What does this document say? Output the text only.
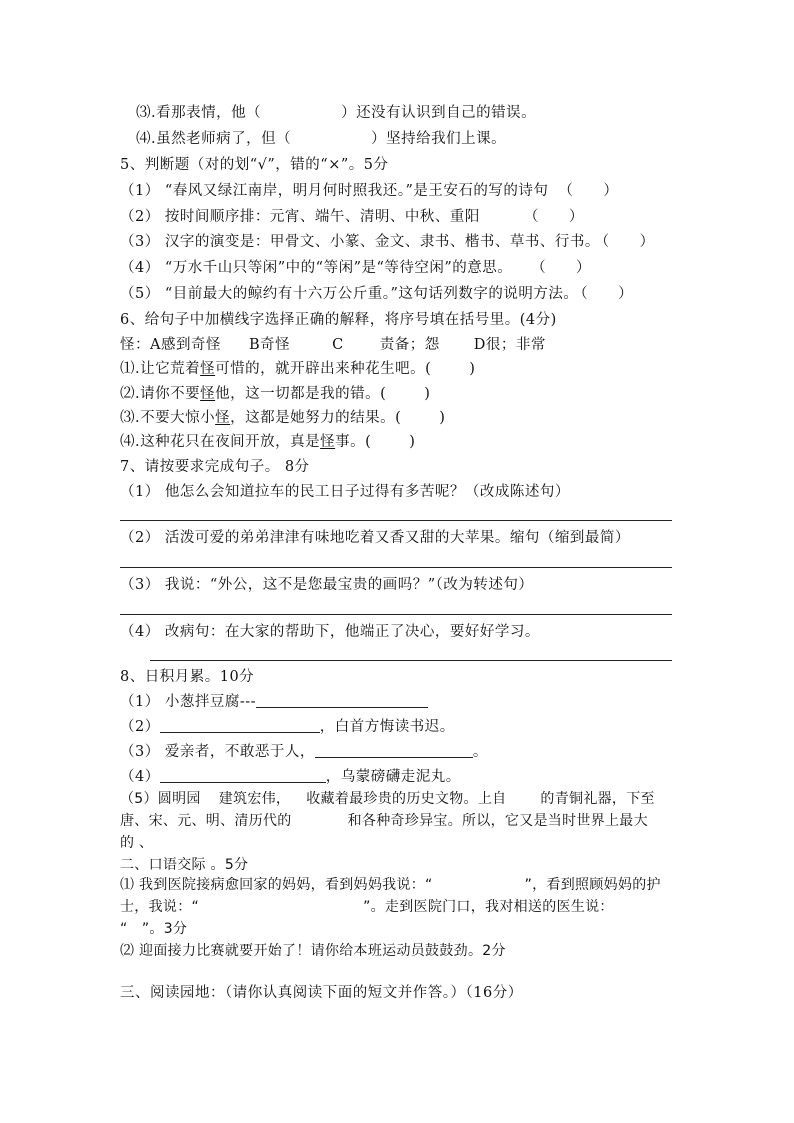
⑶.看那表情，他（	）还没有认识到自己的错误。
⑷.虽然老师病了，但（	）坚持给我们上课。
5、判断题（对的划“√”，错的“×”。5分
（1） “春风又绿江南岸，明月何时照我还。”是王安石的写的诗句 （　　）
（2） 按时间顺序排：元宵、端午、清明、中秋、重阳	（　　）
（3） 汉字的演变是：甲骨文、小篆、金文、隶书、楷书、草书、行书。 （　　）
（4） “万水千山只等闲”中的“等闲”是“等待空闲”的意思。 （　　）
（5） “目前最大的鲸约有十六万公斤重。”这句话列数字的说明方法。 （　　）
6、给句子中加横线字选择正确的解释，将序号填在括号里。(4分)
怪：A感到奇怪 B奇怪	C 责备；怨 D很；非常
⑴.让它荒着怪可惜的，就开辟出来种花生吧。(	)
⑵.请你不要怪他，这一切都是我的错。(	)
⑶.不要大惊小怪，这都是她努力的结果。(	)
⑷.这种花只在夜间开放，真是怪事。(	)
7、请按要求完成句子。 8分
（1） 他怎么会知道拉车的民工日子过得有多苦呢？（改成陈述句）
（2） 活泼可爱的弟弟津津有味地吃着又香又甜的大苹果。缩句（缩到最简）
（3） 我说：“外公，这不是您最宝贵的画吗？”（改为转述句）
（4） 改病句：在大家的帮助下，他端正了决心，要好好学习。
8、日积月累。10分
（1） 小葱拌豆腐---
（2）	，白首方悔读书迟。
（3） 爱亲者，不敢恶于人，	。
（4）	，乌蒙磅礴走泥丸。
（5）圆明园 建筑宏伟， 收藏着最珍贵的历史文物。上自 的青铜礼器，下至
唐、宋、元、明、清历代的	和各种奇珍异宝。所以，它又是当时世界上最大
的 、
二、口语交际 。5分
⑴ 我到医院接病愈回家的妈妈，看到妈妈我说：“	”，看到照顾妈妈的护
士，我说：“	”。走到医院门口，我对相送的医生说：
“　”。3分
⑵ 迎面接力比赛就要开始了！请你给本班运动员鼓鼓劲。2分
三、阅读园地：（请你认真阅读下面的短文并作答。）（16分）
